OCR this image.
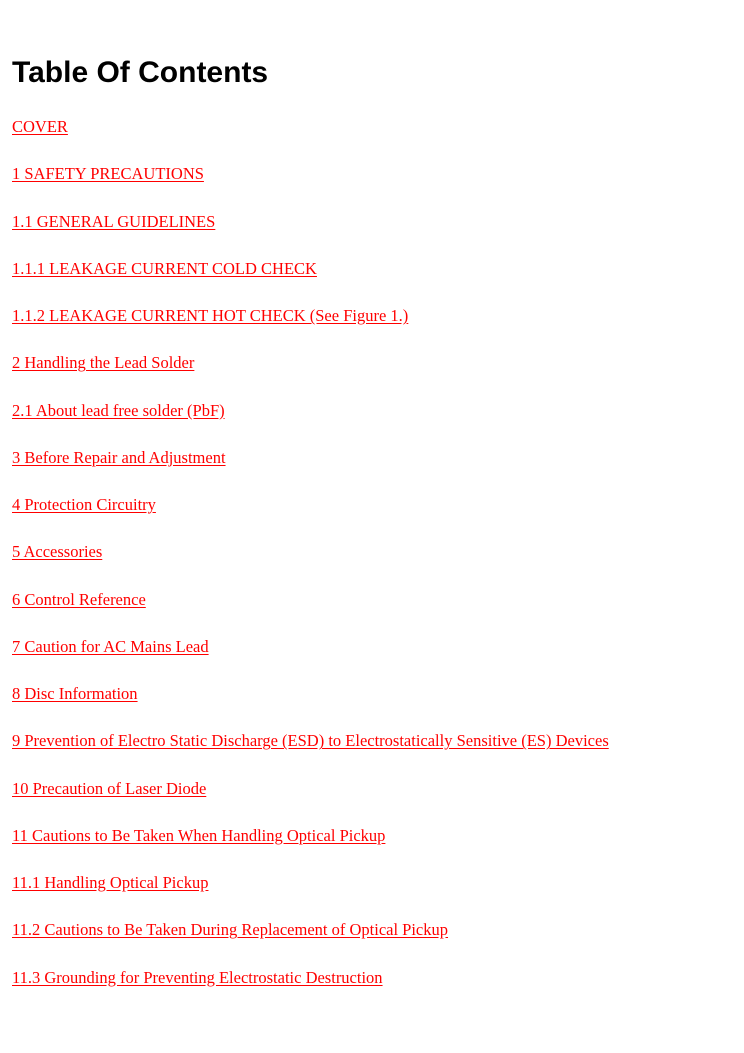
Table Of Contents
COVER
1 SAFETY PRECAUTIONS
1.1 GENERAL GUIDELINES
1.1.1 LEAKAGE CURRENT COLD CHECK
1.1.2 LEAKAGE CURRENT HOT CHECK (See Figure 1.)
2 Handling the Lead Solder
2.1 About lead free solder (PbF)
3 Before Repair and Adjustment
4 Protection Circuitry
5 Accessories
6 Control Reference
7 Caution for AC Mains Lead
8 Disc Information
9 Prevention of Electro Static Discharge (ESD) to Electrostatically Sensitive (ES) Devices
10 Precaution of Laser Diode
11 Cautions to Be Taken When Handling Optical Pickup
11.1 Handling Optical Pickup
11.2 Cautions to Be Taken During Replacement of Optical Pickup
11.3 Grounding for Preventing Electrostatic Destruction
